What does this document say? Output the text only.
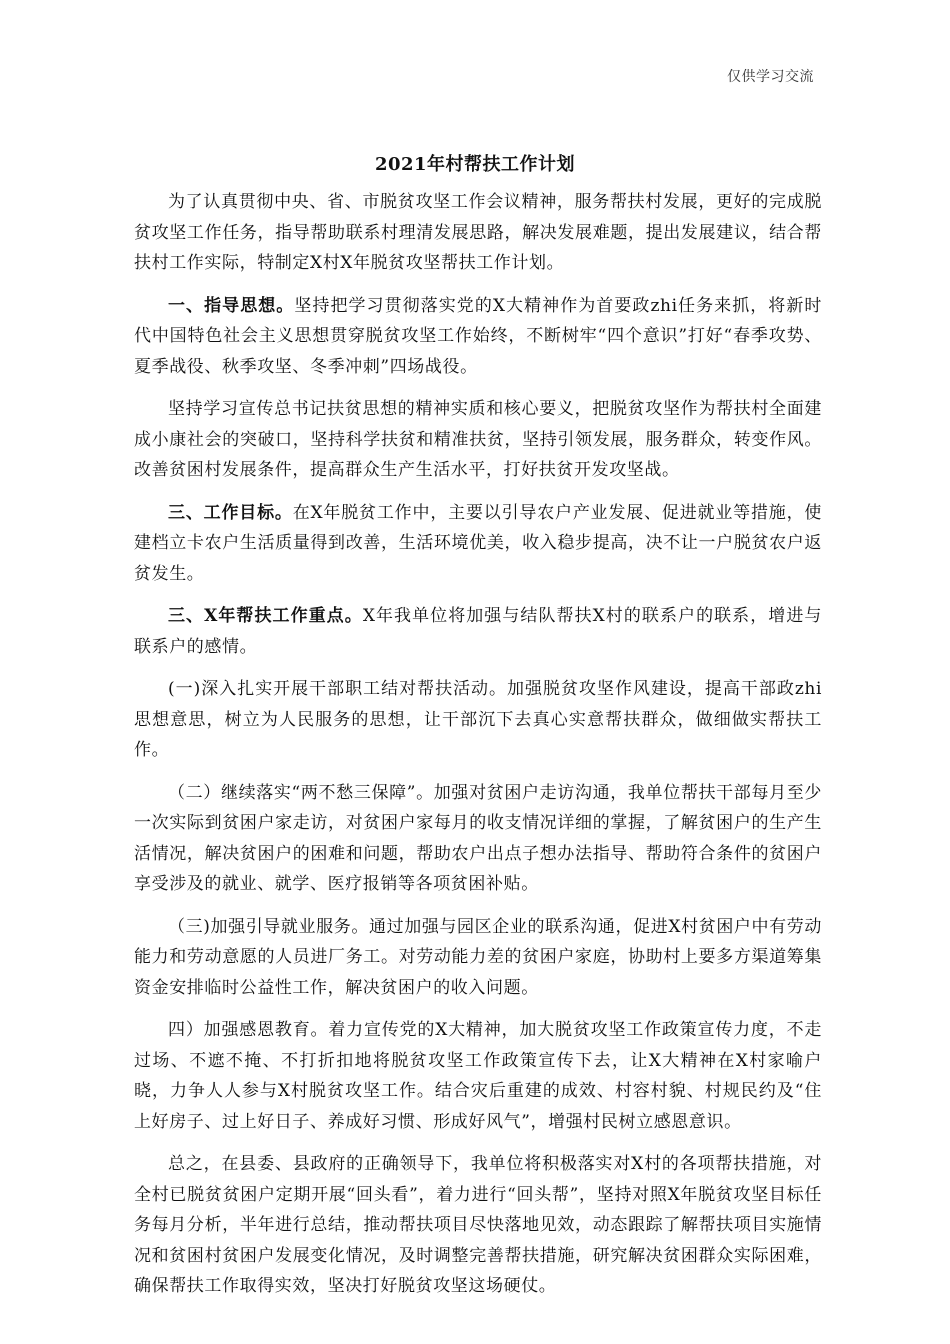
仅供学习交流
2021年村帮扶工作计划

为了认真贯彻中央、省、市脱贫攻坚工作会议精神，服务帮扶村发展，更好的完成脱贫攻坚工作任务，指导帮助联系村理清发展思路，解决发展难题，提出发展建议，结合帮扶村工作实际，特制定X村X年脱贫攻坚帮扶工作计划。

一、指导思想。坚持把学习贯彻落实党的X大精神作为首要政zhi任务来抓，将新时代中国特色社会主义思想贯穿脱贫攻坚工作始终，不断树牢“四个意识”打好“春季攻势、夏季战役、秋季攻坚、冬季冲刺”四场战役。

坚持学习宣传总书记扶贫思想的精神实质和核心要义，把脱贫攻坚作为帮扶村全面建成小康社会的突破口，坚持科学扶贫和精准扶贫，坚持引领发展，服务群众，转变作风。改善贫困村发展条件，提高群众生产生活水平，打好扶贫开发攻坚战。

三、工作目标。在X年脱贫工作中，主要以引导农户产业发展、促进就业等措施，使建档立卡农户生活质量得到改善，生活环境优美，收入稳步提高，决不让一户脱贫农户返贫发生。

三、X年帮扶工作重点。X年我单位将加强与结队帮扶X村的联系户的联系，增进与联系户的感情。

(一)深入扎实开展干部职工结对帮扶活动。加强脱贫攻坚作风建设，提高干部政zhi思想意思，树立为人民服务的思想，让干部沉下去真心实意帮扶群众，做细做实帮扶工作。

（二）继续落实“两不愁三保障”。加强对贫困户走访沟通，我单位帮扶干部每月至少一次实际到贫困户家走访，对贫困户家每月的收支情况详细的掌握，了解贫困户的生产生活情况，解决贫困户的困难和问题，帮助农户出点子想办法指导、帮助符合条件的贫困户享受涉及的就业、就学、医疗报销等各项贫困补贴。

（三)加强引导就业服务。通过加强与园区企业的联系沟通，促进X村贫困户中有劳动能力和劳动意愿的人员进厂务工。对劳动能力差的贫困户家庭，协助村上要多方渠道筹集资金安排临时公益性工作，解决贫困户的收入问题。

四）加强感恩教育。着力宣传党的X大精神，加大脱贫攻坚工作政策宣传力度，不走过场、不遮不掩、不打折扣地将脱贫攻坚工作政策宣传下去，让X大精神在X村家喻户晓，力争人人参与X村脱贫攻坚工作。结合灾后重建的成效、村容村貌、村规民约及“住上好房子、过上好日子、养成好习惯、形成好风气”，增强村民树立感恩意识。

总之，在县委、县政府的正确领导下，我单位将积极落实对X村的各项帮扶措施，对全村已脱贫贫困户定期开展“回头看”，着力进行“回头帮”，坚持对照X年脱贫攻坚目标任务每月分析，半年进行总结，推动帮扶项目尽快落地见效，动态跟踪了解帮扶项目实施情况和贫困村贫困户发展变化情况，及时调整完善帮扶措施，研究解决贫困群众实际困难，确保帮扶工作取得实效，坚决打好脱贫攻坚这场硬仗。
